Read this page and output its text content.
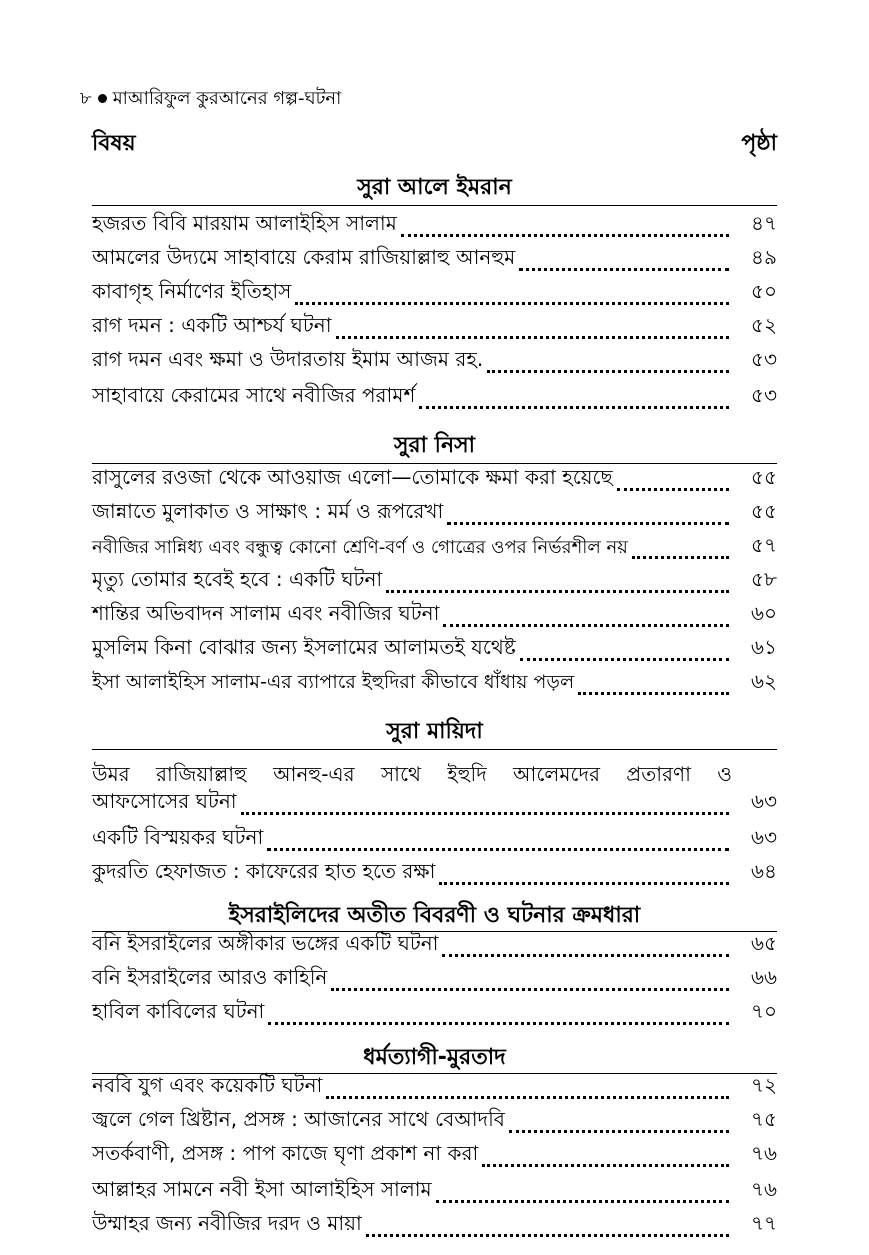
৮ মাআরিফুল কুরআনের গল্প-ঘটনা
বিষয়	পৃষ্ঠা
সুরা আলে ইমরান
হজরত বিবি মারয়াম আলাইহিস সালাম	৪৭
আমলের উদ্যমে সাহাবায়ে কেরাম রাজিয়াল্লাহু আনহুম	৪৯
কাবাগৃহ নির্মাণের ইতিহাস	৫০
রাগ দমন : একটি আশ্চর্য ঘটনা	৫২
রাগ দমন এবং ক্ষমা ও উদারতায় ইমাম আজম রহ.	৫৩
সাহাবায়ে কেরামের সাথে নবীজির পরামর্শ	৫৩
সুরা নিসা
রাসুলের রওজা থেকে আওয়াজ এলো—তোমাকে ক্ষমা করা হয়েছে	৫৫
জান্নাতে মুলাকাত ও সাক্ষাৎ : মর্ম ও রূপরেখা	৫৫
নবীজির সান্নিধ্য এবং বন্ধুত্ব কোনো শ্রেণি-বর্ণ ও গোত্রের ওপর নির্ভরশীল নয়	৫৭
মৃত্যু তোমার হবেই হবে : একটি ঘটনা	৫৮
শান্তির অভিবাদন সালাম এবং নবীজির ঘটনা	৬০
মুসলিম কিনা বোঝার জন্য ইসলামের আলামতই যথেষ্ট	৬১
ইসা আলাইহিস সালাম-এর ব্যাপারে ইহুদিরা কীভাবে ধাঁধায় পড়ল	৬২
সুরা মায়িদা
উমর রাজিয়াল্লাহু আনহু-এর সাথে ইহুদি আলেমদের প্রতারণা ও
আফসোসের ঘটনা	৬৩
একটি বিস্ময়কর ঘটনা	৬৩
কুদরতি হেফাজত : কাফেরের হাত হতে রক্ষা	৬৪
ইসরাইলিদের অতীত বিবরণী ও ঘটনার ক্রমধারা
বনি ইসরাইলের অঙ্গীকার ভঙ্গের একটি ঘটনা	৬৫
বনি ইসরাইলের আরও কাহিনি	৬৬
হাবিল কাবিলের ঘটনা	৭০
ধর্মত্যাগী-মুরতাদ
নববি যুগ এবং কয়েকটি ঘটনা	৭২
জ্বলে গেল খ্রিষ্টান, প্রসঙ্গ : আজানের সাথে বেআদবি	৭৫
সতর্কবাণী, প্রসঙ্গ : পাপ কাজে ঘৃণা প্রকাশ না করা	৭৬
আল্লাহর সামনে নবী ইসা আলাইহিস সালাম	৭৬
উম্মাহর জন্য নবীজির দরদ ও মায়া	৭৭
